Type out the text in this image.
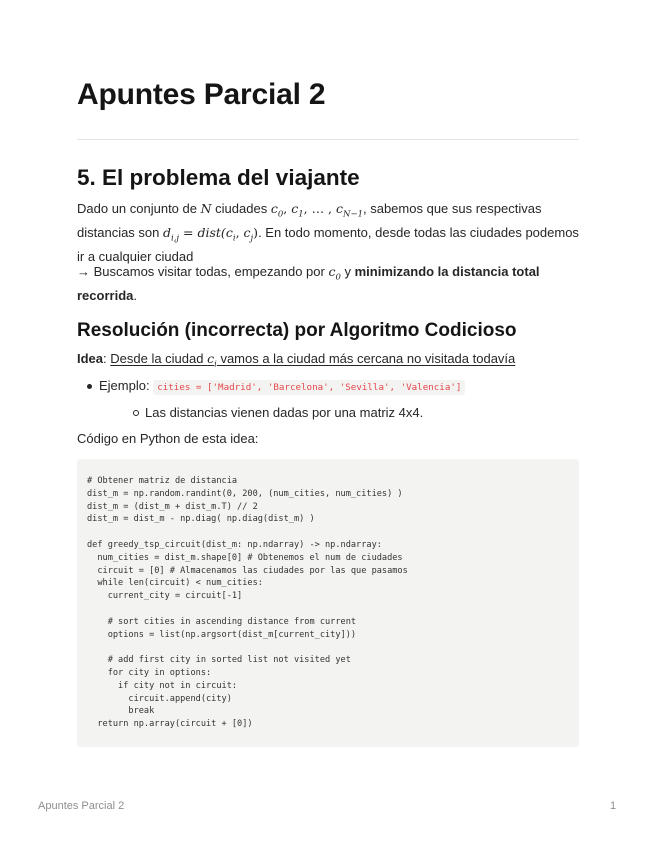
Apuntes Parcial 2
5. El problema del viajante
Dado un conjunto de N ciudades $c_0$, $c_1$, … , $c_{N-1}$, sabemos que sus respectivas distancias son $d_{i,j}$ = $dist(c_i$, $c_j$). En todo momento, desde todas las ciudades podemos ir a cualquier ciudad
→ Buscamos visitar todas, empezando por $c_0$ y minimizando la distancia total recorrida.
Resolución (incorrecta) por Algoritmo Codicioso
Idea: Desde la ciudad $c_i$ vamos a la ciudad más cercana no visitada todavía
Ejemplo: cities = ['Madrid', 'Barcelona', 'Sevilla', 'Valencia']
Las distancias vienen dadas por una matriz 4x4.
Código en Python de esta idea:
# Obtener matriz de distancia
dist_m = np.random.randint(0, 200, (num_cities, num_cities) )
dist_m = (dist_m + dist_m.T) // 2
dist_m = dist_m - np.diag( np.diag(dist_m) )
def greedy_tsp_circuit(dist_m: np.ndarray) -> np.ndarray:
num_cities = dist_m.shape[0] # Obtenemos el num de ciudades
circuit = [0] # Almacenamos las ciudades por las que pasamos
while len(circuit) < num_cities:
current_city = circuit[-1]
# sort cities in ascending distance from current
options = list(np.argsort(dist_m[current_city]))
# add first city in sorted list not visited yet
for city in options:
if city not in circuit:
circuit.append(city)
break
return np.array(circuit + [0])
Apuntes Parcial 2	1
